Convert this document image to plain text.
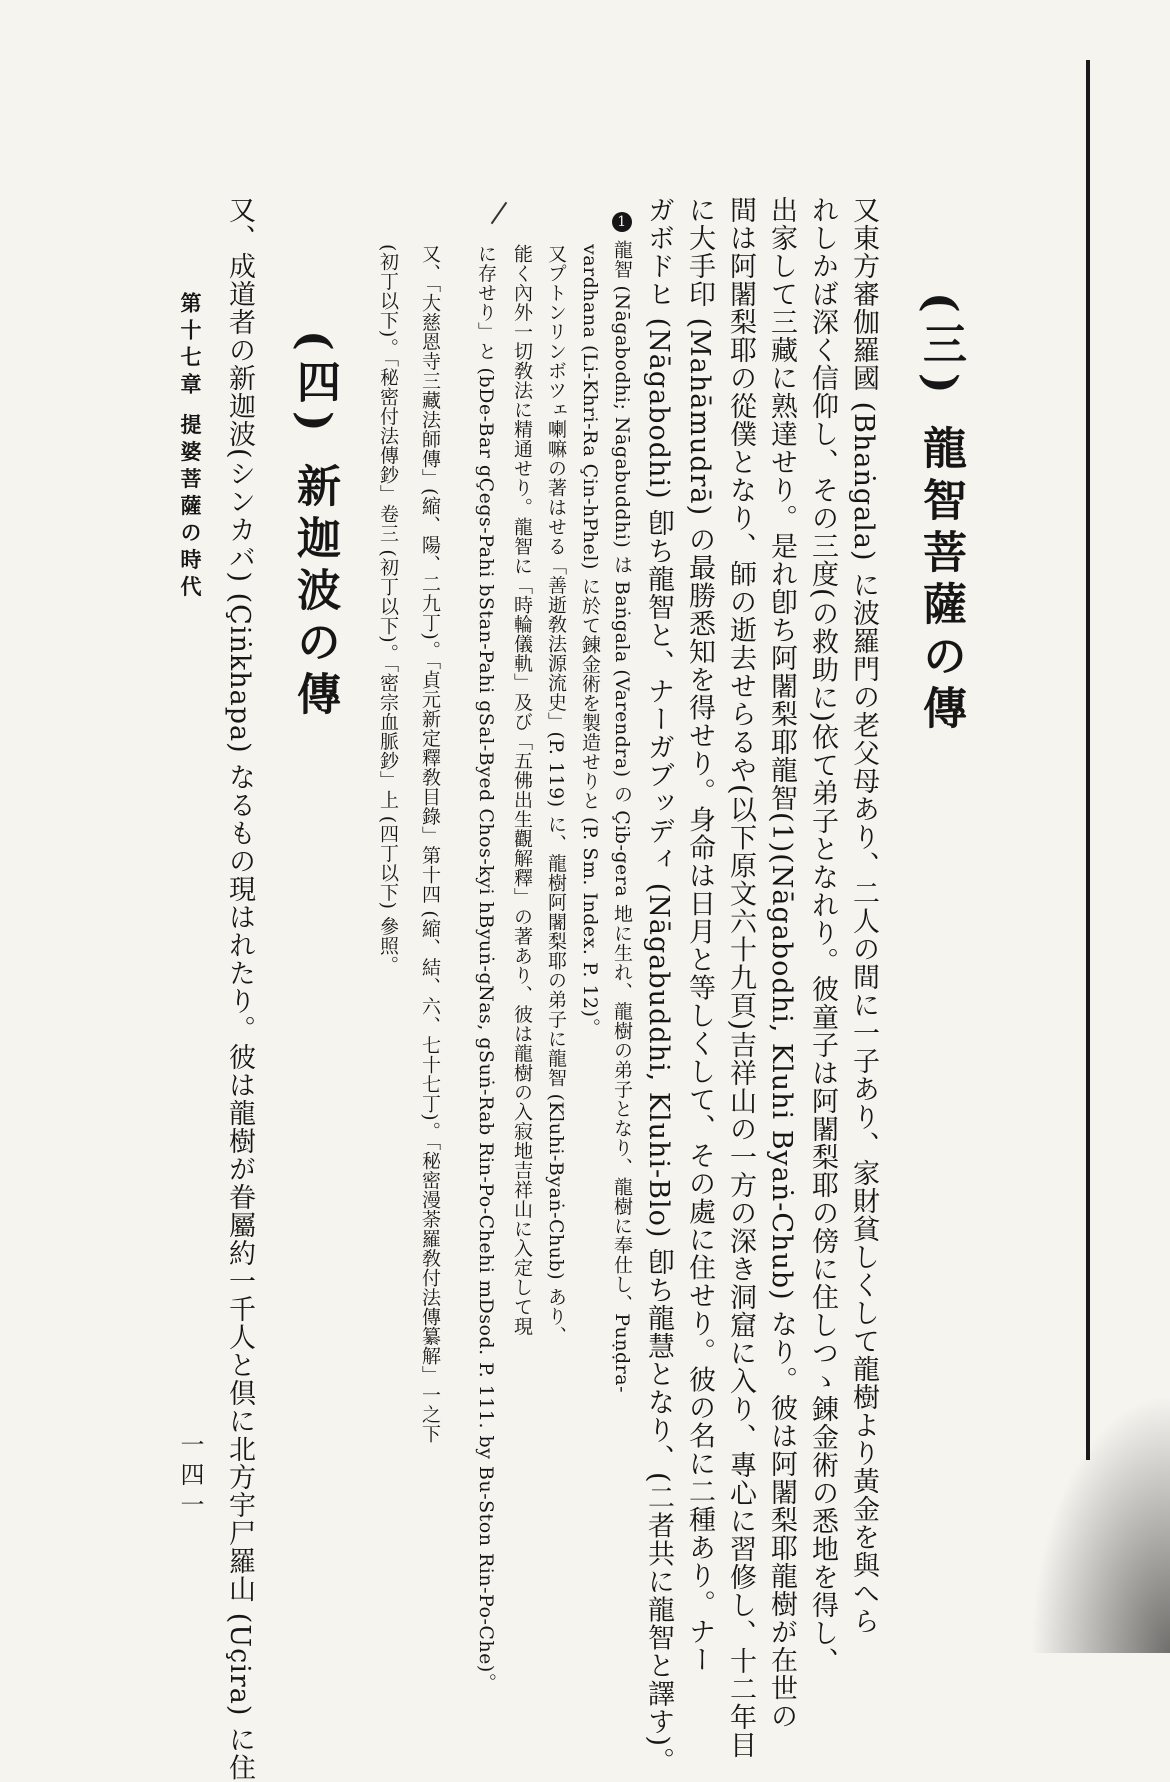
(三) 龍智菩薩の傳
又東方審伽羅國 (Bhaṅgala) に波羅門の老父母あり、二人の間に一子あり、家財貧しくして龍樹より黃金を與へら
れしかば深く信仰し、その三度(の救助に)依て弟子となれり。彼童子は阿闍梨耶の傍に住しつゝ錬金術の悉地を得し、
出家して三藏に熟達せり。是れ卽ち阿闍梨耶龍智(1)(Nāgabodhi, Kluhi Byaṅ-Chub) なり。彼は阿闍梨耶龍樹が在世の
間は阿闍梨耶の從僕となり、師の逝去せらるや(以下原文六十九頁)吉祥山の一方の深き洞窟に入り、專心に習修し、十二年目
に大手印 (Mahāmudrā) の最勝悉知を得せり。身命は日月と等しくして、その處に住せり。彼の名に二種あり。ナー
ガボドヒ (Nāgabodhi) 卽ち龍智と、ナーガブッディ (Nāgabuddhi, Kluhi-Blo) 卽ち龍慧となり、(二者共に龍智と譯す)。
1龍智 (Nāgabodhi; Nāgabuddhi) は Baṅgala (Varendra) の Çib-gera 地に生れ、龍樹の弟子となり、龍樹に奉仕し、Puṇḍra-
vardhana (Li-Khri-Ra Çin-hPhel) に於て錬金術を製造せりと (P. Sm. Index. P. 12)。
又プトンリンボツェ喇嘛の著はせる「善逝敎法源流史」(P. 119) に、龍樹阿闍梨耶の弟子に龍智 (Kluhi-Byaṅ-Chub) あり、
能く內外一切敎法に精通せり。龍智に「時輪儀軌」及び「五佛出生觀解釋」の著あり、彼は龍樹の入寂地吉祥山に入定して現
に存せり」と (bDe-Bar gÇegs-Pahi bStan-Pahi gSal-Byed Chos-kyi hByuṅ-gNas, gSuṅ-Rab Rin-Po-Chehi mDsod. P. 111. by Bu-Ston Rin-Po-Che)。
又、「大慈恩寺三藏法師傳」(縮、陽、二九丁)。「貞元新定釋敎目錄」第十四 (縮、結、六、七十七丁)。「秘密漫荼羅敎付法傳纂解」一之下
(初丁以下)。「秘密付法傳鈔」卷三 (初丁以下)。「密宗血脈鈔」上 (四丁以下) 參照。
(四) 新迦波の傳
又、成道者の新迦波(シンカバ) (Çiṅkhapa) なるもの現はれたり。彼は龍樹が眷屬約一千人と倶に北方宇尸羅山 (Uçira) に住
第十七章 提婆菩薩の時代
一四一
